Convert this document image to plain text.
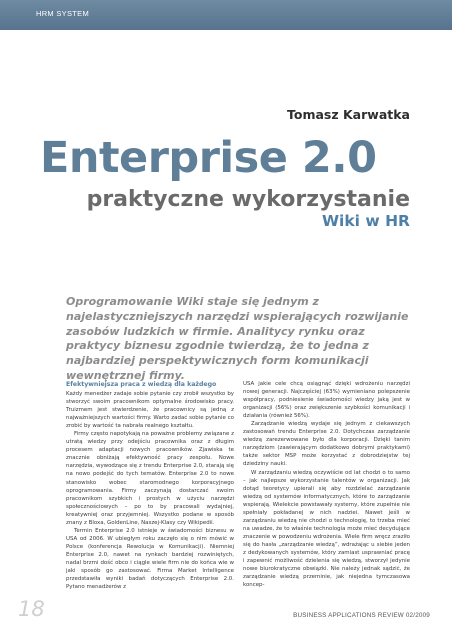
HRM SYSTEM
Tomasz Karwatka
Enterprise 2.0
praktyczne wykorzystanie
Wiki w HR

Oprogramowanie Wiki staje się jednym z najelastyczniejszych narzędzi wspierających rozwijanie zasobów ludzkich w firmie. Analitycy rynku oraz praktycy biznesu zgodnie twierdzą, że to jedna z najbardziej perspektywicznych form komunikacji wewnętrznej firmy.

Efektywniejsza praca z wiedzą dla każdego

Każdy menedżer zadaje sobie pytanie czy zrobił wszystko by stworzyć swoim pracownikom optymalne środowisko pracy. Truizmem jest stwierdzenie, że pracownicy są jedną z najważniejszych wartości firmy. Warto zadać sobie pytanie co zrobić by wartość ta nabrała realnego kształtu.

Firmy często napotykają na poważne problemy związane z utratą wiedzy przy odejściu pracownika oraz z długim procesem adaptacji nowych pracowników. Zjawiska te znacznie obniżają efektywność pracy zespołu. Nowe narzędzia, wywodzące się z trendu Enterprise 2.0, starają się na nowo podejść do tych tematów. Enterprise 2.0 to nowe stanowisko wobec staromodnego korporacyjnego oprogramowania. Firmy zaczynają dostarczać swoim pracownikom szybkich i prostych w użyciu narzędzi społecznościowych – po to by pracowali wydajniej, kreatywniej oraz przyjemniej. Wszystko podane w sposób znany z Bloxa, GoldenLine, Naszej-Klasy czy Wikipedii.

Termin Enterprise 2.0 istnieje w świadomości biznesu w USA od 2006. W ubiegłym roku zaczęło się o nim mówić w Polsce (konferencja Rewolucja w Komunikacji). Niemniej Enterprise 2.0, nawet na rynkach bardziej rozwiniętych, nadal brzmi dość obco i ciągle wiele firm nie do końca wie w jaki sposób go zastosować. Firma Market Intelligence przedstawiła wyniki badań dotyczących Enterprise 2.0. Pytano menadżerów z

USA jakie cele chcą osiągnąć dzięki wdrożeniu narzędzi nowej generacji. Najczęściej (63%) wymieniano polepszenie współpracy, podniesienie świadomości wiedzy jaką jest w organizacji (56%) oraz zwiększenie szybkości komunikacji i działania (również 56%).

Zarządzanie wiedzą wydaje się jednym z ciekawszych zastosowań trendu Enterprise 2.0. Dotychczas zarządzanie wiedzą zarezerwowane było dla korporacji. Dzięki tanim narzędziom (zawierającym dodatkowo dobrymi praktykami) także sektor MSP może korzystać z dobrodziejstw tej dziedziny nauki.

W zarządzaniu wiedzą oczywiście od lat chodzi o to samo – jak najlepsze wykorzystanie talentów w organizacji. Jak dotąd teoretycy upierali się aby rozdzielać zarządzanie wiedzą od systemów informatycznych, które to zarządzanie wspierają. Wielekcie powstawały systemy, które zupełnie nie spełniały pokładanej w nich nadziei. Nawet jeśli w zarządzaniu wiedzą nie chodzi o technologię, to trzeba mieć na uwadze, że to właśnie technologia może mieć decydujące znaczenie w powodzeniu wdrożenia. Wiele firm wręcz zraziło się do hasła „zarządzanie wiedzą”, wdrażając u siebie jeden z dedykowanych systemów, który zamiast usprawniać pracę i zapewnić możliwość dzielenia się wiedzą, stworzył jedynie nowe biurokratyczne obwiązki. Nie należy jednak sądzić, że zarządzanie wiedzą przeminie, jak niejedna tymczasowa koncep-

18	BUSINESS APPLICATIONS REVIEW 02/2009
